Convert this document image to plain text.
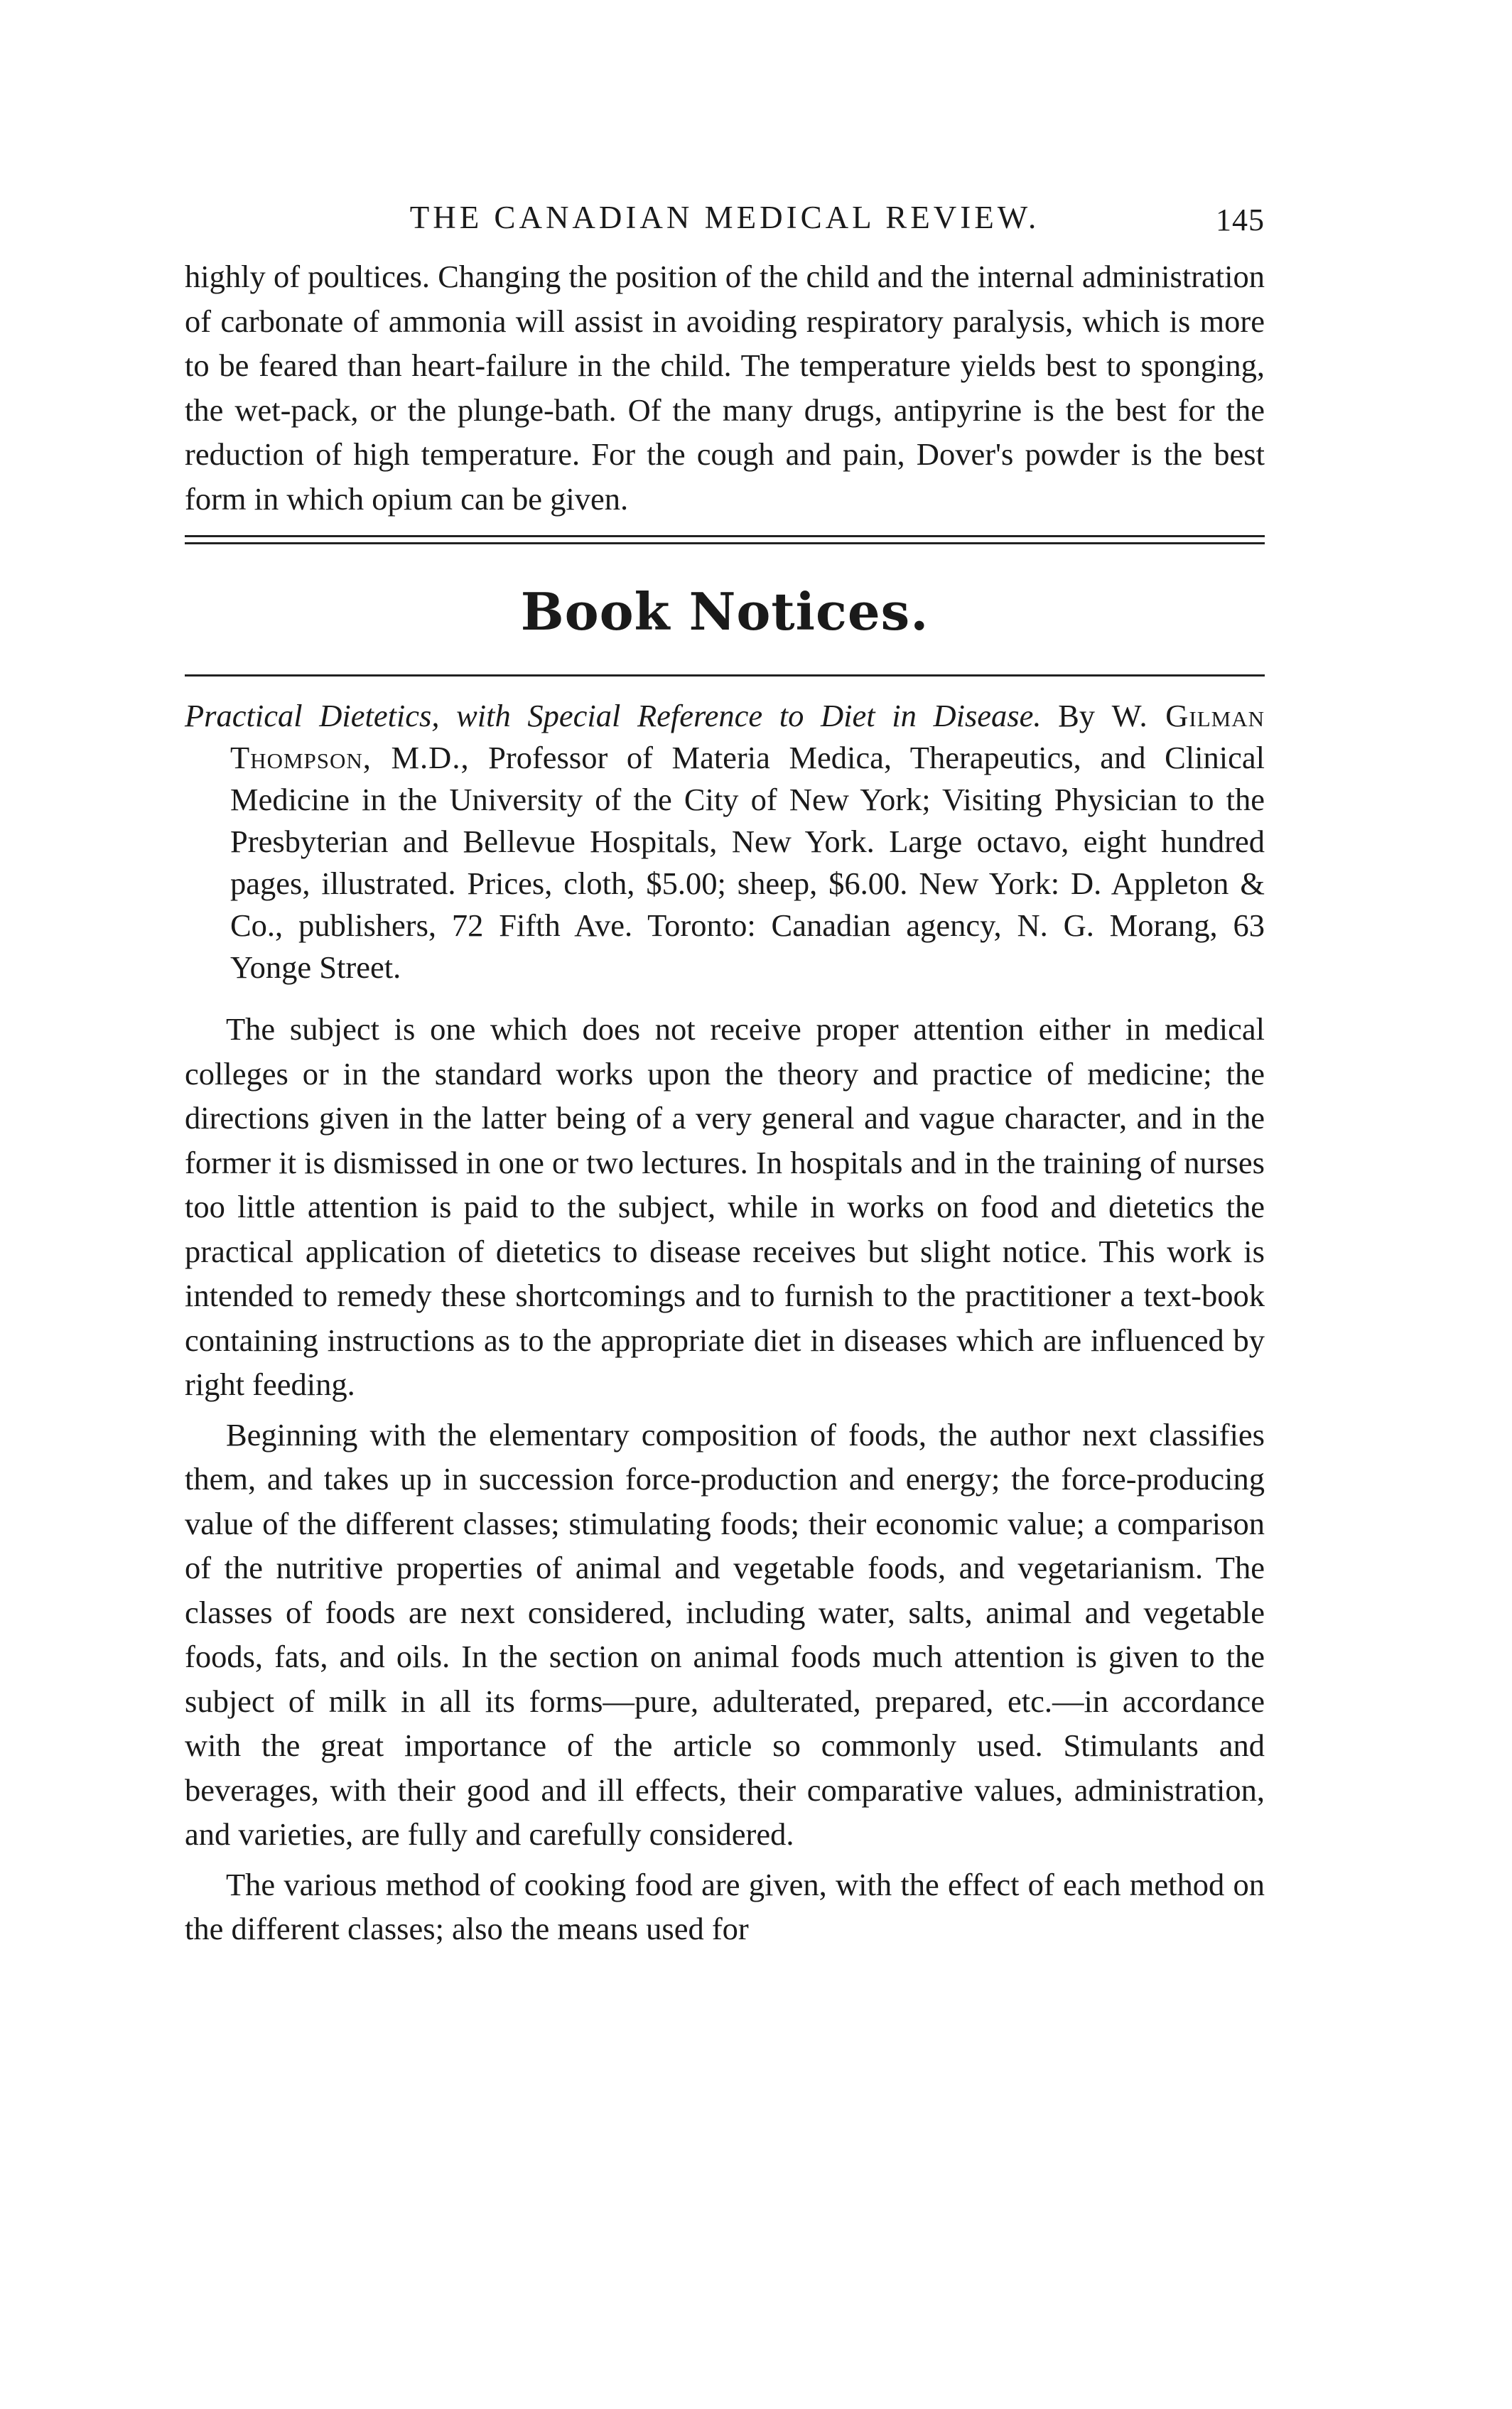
THE CANADIAN MEDICAL REVIEW.	145

highly of poultices. Changing the position of the child and the internal administration of carbonate of ammonia will assist in avoiding respiratory paralysis, which is more to be feared than heart-failure in the child. The temperature yields best to sponging, the wet-pack, or the plunge-bath. Of the many drugs, antipyrine is the best for the reduction of high temperature. For the cough and pain, Dover's powder is the best form in which opium can be given.

Book Notices.

Practical Dietetics, with Special Reference to Diet in Disease. By W. Gilman Thompson, M.D., Professor of Materia Medica, Therapeutics, and Clinical Medicine in the University of the City of New York; Visiting Physician to the Presbyterian and Bellevue Hospitals, New York. Large octavo, eight hundred pages, illustrated. Prices, cloth, $5.00; sheep, $6.00. New York: D. Appleton & Co., publishers, 72 Fifth Ave. Toronto: Canadian agency, N. G. Morang, 63 Yonge Street.

The subject is one which does not receive proper attention either in medical colleges or in the standard works upon the theory and practice of medicine; the directions given in the latter being of a very general and vague character, and in the former it is dismissed in one or two lectures. In hospitals and in the training of nurses too little attention is paid to the subject, while in works on food and dietetics the practical application of dietetics to disease receives but slight notice. This work is intended to remedy these shortcomings and to furnish to the practitioner a text-book containing instructions as to the appropriate diet in diseases which are influenced by right feeding.

Beginning with the elementary composition of foods, the author next classifies them, and takes up in succession force-production and energy; the force-producing value of the different classes; stimulating foods; their economic value; a comparison of the nutritive properties of animal and vegetable foods, and vegetarianism. The classes of foods are next considered, including water, salts, animal and vegetable foods, fats, and oils. In the section on animal foods much attention is given to the subject of milk in all its forms—pure, adulterated, prepared, etc.—in accordance with the great importance of the article so commonly used. Stimulants and beverages, with their good and ill effects, their comparative values, administration, and varieties, are fully and carefully considered.

The various method of cooking food are given, with the effect of each method on the different classes; also the means used for
